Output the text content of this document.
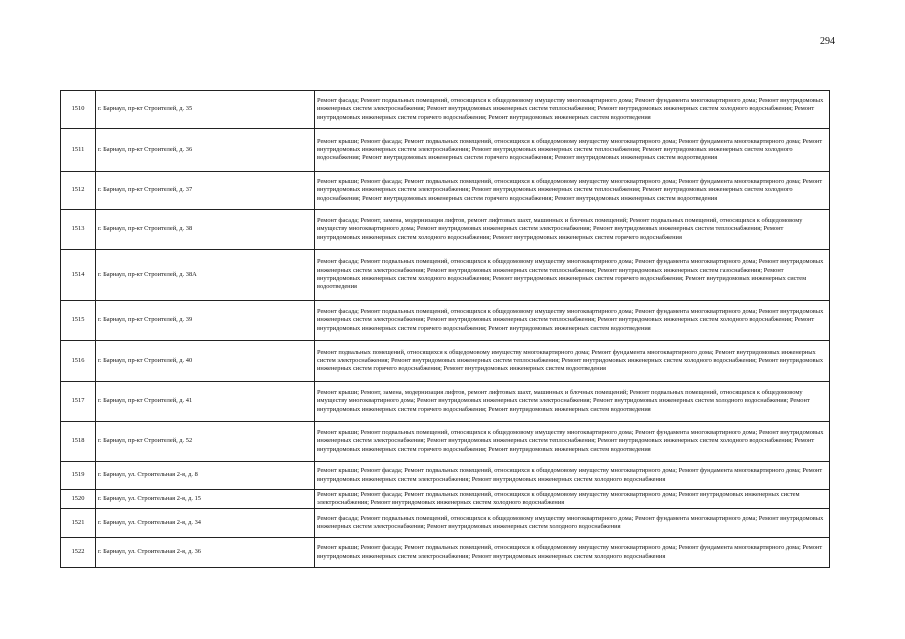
294
1510	г. Барнаул, пр-кт Строителей, д. 35	Ремонт фасада; Ремонт подвальных помещений, относящихся к общедомовому имуществу многоквартирного дома; Ремонт фундамента многоквартирного дома; Ремонт внутридомовых инженерных систем электроснабжения; Ремонт внутридомовых инженерных систем теплоснабжения; Ремонт внутридомовых инженерных систем холодного водоснабжения; Ремонт внутридомовых инженерных систем горячего водоснабжения; Ремонт внутридомовых инженерных систем водоотведения
1511	г. Барнаул, пр-кт Строителей, д. 36	Ремонт крыши; Ремонт фасада; Ремонт подвальных помещений, относящихся к общедомовому имуществу многоквартирного дома; Ремонт фундамента многоквартирного дома; Ремонт внутридомовых инженерных систем электроснабжения; Ремонт внутридомовых инженерных систем теплоснабжения; Ремонт внутридомовых инженерных систем холодного водоснабжения; Ремонт внутридомовых инженерных систем горячего водоснабжения; Ремонт внутридомовых инженерных систем водоотведения
1512	г. Барнаул, пр-кт Строителей, д. 37	Ремонт крыши; Ремонт фасада; Ремонт подвальных помещений, относящихся к общедомовому имуществу многоквартирного дома; Ремонт фундамента многоквартирного дома; Ремонт внутридомовых инженерных систем электроснабжения; Ремонт внутридомовых инженерных систем теплоснабжения; Ремонт внутридомовых инженерных систем холодного водоснабжения; Ремонт внутридомовых инженерных систем горячего водоснабжения; Ремонт внутридомовых инженерных систем водоотведения
1513	г. Барнаул, пр-кт Строителей, д. 38	Ремонт фасада; Ремонт, замена, модернизация лифтов, ремонт лифтовых шахт, машинных и блочных помещений; Ремонт подвальных помещений, относящихся к общедомовому имуществу многоквартирного дома; Ремонт внутридомовых инженерных систем электроснабжения; Ремонт внутридомовых инженерных систем теплоснабжения; Ремонт внутридомовых инженерных систем холодного водоснабжения; Ремонт внутридомовых инженерных систем горячего водоснабжения
1514	г. Барнаул, пр-кт Строителей, д. 38А	Ремонт фасада; Ремонт подвальных помещений, относящихся к общедомовому имуществу многоквартирного дома; Ремонт фундамента многоквартирного дома; Ремонт внутридомовых инженерных систем электроснабжения; Ремонт внутридомовых инженерных систем теплоснабжения; Ремонт внутридомовых инженерных систем газоснабжения; Ремонт внутридомовых инженерных систем холодного водоснабжения; Ремонт внутридомовых инженерных систем горячего водоснабжения; Ремонт внутридомовых инженерных систем водоотведения
1515	г. Барнаул, пр-кт Строителей, д. 39	Ремонт фасада; Ремонт подвальных помещений, относящихся к общедомовому имуществу многоквартирного дома; Ремонт фундамента многоквартирного дома; Ремонт внутридомовых инженерных систем электроснабжения; Ремонт внутридомовых инженерных систем теплоснабжения; Ремонт внутридомовых инженерных систем холодного водоснабжения; Ремонт внутридомовых инженерных систем горячего водоснабжения; Ремонт внутридомовых инженерных систем водоотведения
1516	г. Барнаул, пр-кт Строителей, д. 40	Ремонт подвальных помещений, относящихся к общедомовому имуществу многоквартирного дома; Ремонт фундамента многоквартирного дома; Ремонт внутридомовых инженерных систем электроснабжения; Ремонт внутридомовых инженерных систем теплоснабжения; Ремонт внутридомовых инженерных систем холодного водоснабжения; Ремонт внутридомовых инженерных систем горячего водоснабжения; Ремонт внутридомовых инженерных систем водоотведения
1517	г. Барнаул, пр-кт Строителей, д. 41	Ремонт крыши; Ремонт, замена, модернизация лифтов, ремонт лифтовых шахт, машинных и блочных помещений; Ремонт подвальных помещений, относящихся к общедомовому имуществу многоквартирного дома; Ремонт внутридомовых инженерных систем электроснабжения; Ремонт внутридомовых инженерных систем холодного водоснабжения; Ремонт внутридомовых инженерных систем горячего водоснабжения; Ремонт внутридомовых инженерных систем водоотведения
1518	г. Барнаул, пр-кт Строителей, д. 52	Ремонт крыши; Ремонт подвальных помещений, относящихся к общедомовому имуществу многоквартирного дома; Ремонт фундамента многоквартирного дома; Ремонт внутридомовых инженерных систем электроснабжения; Ремонт внутридомовых инженерных систем теплоснабжения; Ремонт внутридомовых инженерных систем холодного водоснабжения; Ремонт внутридомовых инженерных систем горячего водоснабжения; Ремонт внутридомовых инженерных систем водоотведения
1519	г. Барнаул, ул. Строительная 2-я, д. 8	Ремонт крыши; Ремонт фасада; Ремонт подвальных помещений, относящихся к общедомовому имуществу многоквартирного дома; Ремонт фундамента многоквартирного дома; Ремонт внутридомовых инженерных систем электроснабжения; Ремонт внутридомовых инженерных систем холодного водоснабжения
1520	г. Барнаул, ул. Строительная 2-я, д. 15	Ремонт крыши; Ремонт фасада; Ремонт подвальных помещений, относящихся к общедомовому имуществу многоквартирного дома; Ремонт внутридомовых инженерных систем электроснабжения; Ремонт внутридомовых инженерных систем холодного водоснабжения
1521	г. Барнаул, ул. Строительная 2-я, д. 34	Ремонт фасада; Ремонт подвальных помещений, относящихся к общедомовому имуществу многоквартирного дома; Ремонт фундамента многоквартирного дома; Ремонт внутридомовых инженерных систем электроснабжения; Ремонт внутридомовых инженерных систем холодного водоснабжения
1522	г. Барнаул, ул. Строительная 2-я, д. 36	Ремонт крыши; Ремонт фасада; Ремонт подвальных помещений, относящихся к общедомовому имуществу многоквартирного дома; Ремонт фундамента многоквартирного дома; Ремонт внутридомовых инженерных систем электроснабжения; Ремонт внутридомовых инженерных систем холодного водоснабжения
